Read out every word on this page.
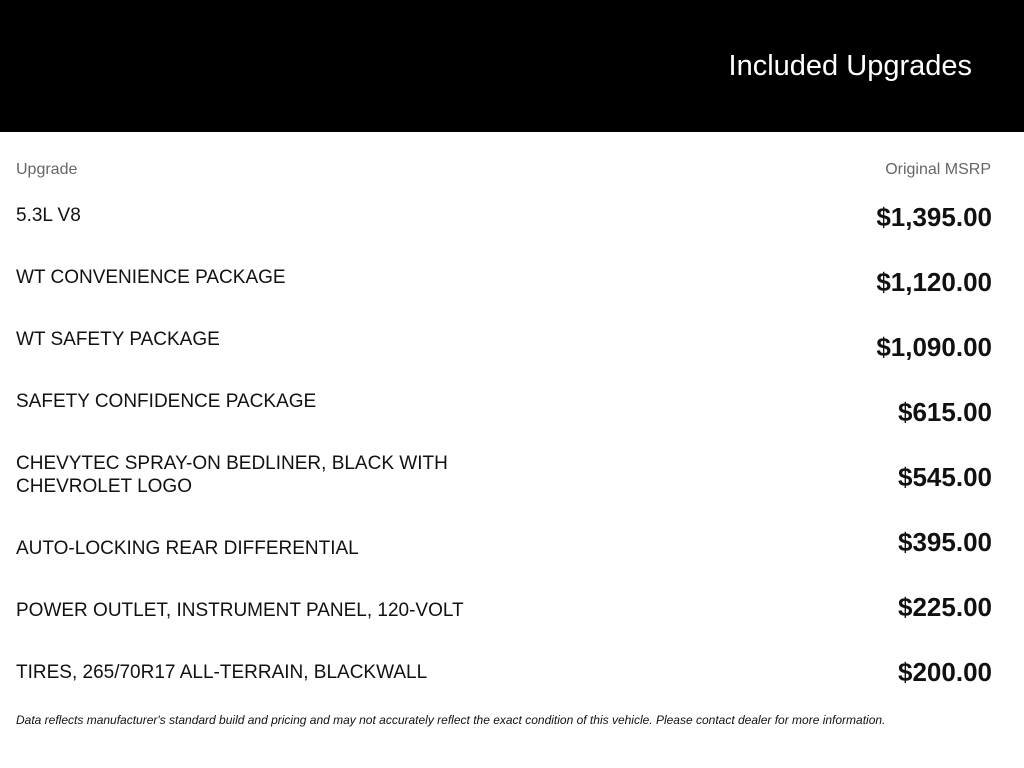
Included Upgrades
Upgrade	Original MSRP
5.3L V8	$1,395.00
WT CONVENIENCE PACKAGE	$1,120.00
WT SAFETY PACKAGE	$1,090.00
SAFETY CONFIDENCE PACKAGE	$615.00
CHEVYTEC SPRAY-ON BEDLINER, BLACK WITH CHEVROLET LOGO	$545.00
AUTO-LOCKING REAR DIFFERENTIAL	$395.00
POWER OUTLET, INSTRUMENT PANEL, 120-VOLT	$225.00
TIRES, 265/70R17 ALL-TERRAIN, BLACKWALL	$200.00
Data reflects manufacturer's standard build and pricing and may not accurately reflect the exact condition of this vehicle. Please contact dealer for more information.
